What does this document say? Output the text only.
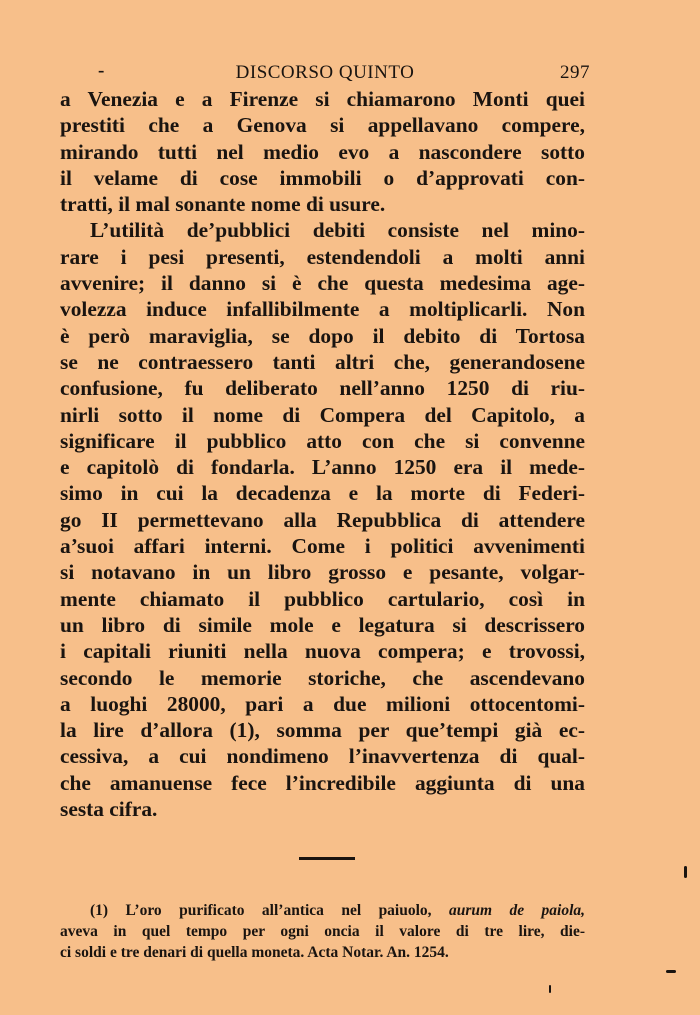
-	DISCORSO QUINTO	297
a Venezia e a Firenze si chiamarono Monti quei
prestiti che a Genova si appellavano compere,
mirando tutti nel medio evo a nascondere sotto
il velame di cose immobili o d’approvati con-
tratti, il mal sonante nome di usure.
L’utilità de’pubblici debiti consiste nel mino-
rare i pesi presenti, estendendoli a molti anni
avvenire; il danno si è che questa medesima age-
volezza induce infallibilmente a moltiplicarli. Non
è però maraviglia, se dopo il debito di Tortosa
se ne contraessero tanti altri che, generandosene
confusione, fu deliberato nell’anno 1250 di riu-
nirli sotto il nome di Compera del Capitolo, a
significare il pubblico atto con che si convenne
e capitolò di fondarla. L’anno 1250 era il mede-
simo in cui la decadenza e la morte di Federi-
go II permettevano alla Repubblica di attendere
a’suoi affari interni. Come i politici avvenimenti
si notavano in un libro grosso e pesante, volgar-
mente chiamato il pubblico cartulario, così in
un libro di simile mole e legatura si descrissero
i capitali riuniti nella nuova compera; e trovossi,
secondo le memorie storiche, che ascendevano
a luoghi 28000, pari a due milioni ottocentomi-
la lire d’allora (1), somma per que’tempi già ec-
cessiva, a cui nondimeno l’inavvertenza di qual-
che amanuense fece l’incredibile aggiunta di una
sesta cifra.
(1) L’oro purificato all’antica nel paiuolo, aurum de paiola,
aveva in quel tempo per ogni oncia il valore di tre lire, die-
ci soldi e tre denari di quella moneta. Acta Notar. An. 1254.
